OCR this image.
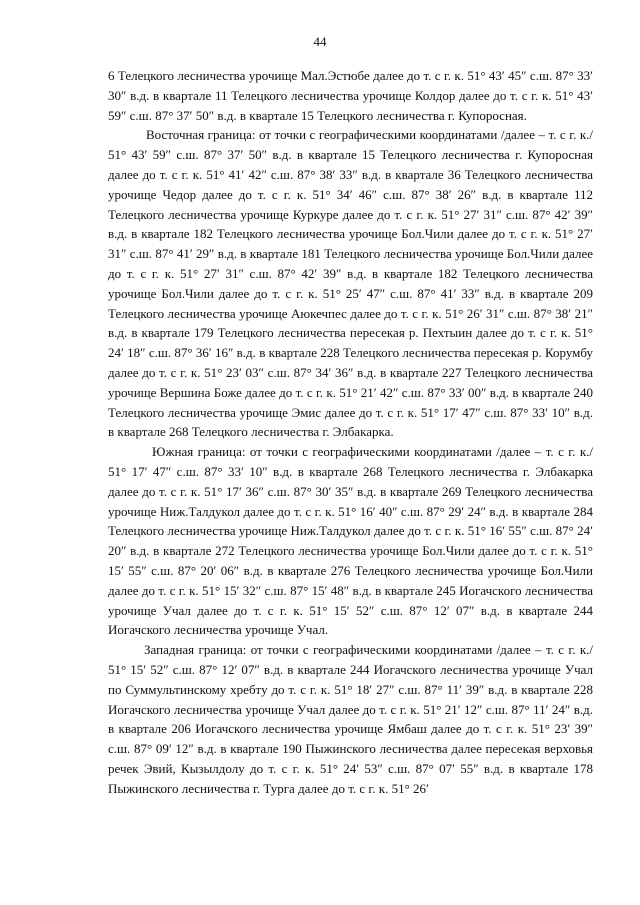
44

6 Телецкого лесничества урочище Мал.Эстюбе далее до т. с г. к. 51° 43′ 45″ с.ш. 87° 33′ 30″ в.д. в квартале 11 Телецкого лесничества урочище Колдор далее до т. с г. к. 51° 43′ 59″ с.ш. 87° 37′ 50″ в.д. в квартале 15 Телецкого лесничества г. Купоросная.

Восточная граница: от точки с географическими координатами /далее – т. с г. к./ 51° 43′ 59″ с.ш. 87° 37′ 50″ в.д. в квартале 15 Телецкого лесничества г. Купоросная далее до т. с г. к. 51° 41′ 42″ с.ш. 87° 38′ 33″ в.д. в квартале 36 Телецкого лесничества урочище Чедор далее до т. с г. к. 51° 34′ 46″ с.ш. 87° 38′ 26″ в.д. в квартале 112 Телецкого лесничества урочище Куркуре далее до т. с г. к. 51° 27′ 31″ с.ш. 87° 42′ 39″ в.д. в квартале 182 Телецкого лесничества урочище Бол.Чили далее до т. с г. к. 51° 27′ 31″ с.ш. 87° 41′ 29″ в.д. в квартале 181 Телецкого лесничества урочище Бол.Чили далее до т. с г. к. 51° 27′ 31″ с.ш. 87° 42′ 39″ в.д. в квартале 182 Телецкого лесничества урочище Бол.Чили далее до т. с г. к. 51° 25′ 47″ с.ш. 87° 41′ 33″ в.д. в квартале 209 Телецкого лесничества урочище Аюкечпес далее до т. с г. к. 51° 26′ 31″ с.ш. 87° 38′ 21″ в.д. в квартале 179 Телецкого лесничества пересекая р. Пехтыин далее до т. с г. к. 51° 24′ 18″ с.ш. 87° 36′ 16″ в.д. в квартале 228 Телецкого лесничества пересекая р. Корумбу далее до т. с г. к. 51° 23′ 03″ с.ш. 87° 34′ 36″ в.д. в квартале 227 Телецкого лесничества урочище Вершина Боже далее до т. с г. к. 51° 21′ 42″ с.ш. 87° 33′ 00″ в.д. в квартале 240 Телецкого лесничества урочище Эмис далее до т. с г. к. 51° 17′ 47″ с.ш. 87° 33′ 10″ в.д. в квартале 268 Телецкого лесничества г. Элбакарка.

Южная граница: от точки с географическими координатами /далее – т. с г. к./ 51° 17′ 47″ с.ш. 87° 33′ 10″ в.д. в квартале 268 Телецкого лесничества г. Элбакарка далее до т. с г. к. 51° 17′ 36″ с.ш. 87° 30′ 35″ в.д. в квартале 269 Телецкого лесничества урочище Ниж.Талдукол далее до т. с г. к. 51° 16′ 40″ с.ш. 87° 29′ 24″ в.д. в квартале 284 Телецкого лесничества урочище Ниж.Талдукол далее до т. с г. к. 51° 16′ 55″ с.ш. 87° 24′ 20″ в.д. в квартале 272 Телецкого лесничества урочище Бол.Чили далее до т. с г. к. 51° 15′ 55″ с.ш. 87° 20′ 06″ в.д. в квартале 276 Телецкого лесничества урочище Бол.Чили далее до т. с г. к. 51° 15′ 32″ с.ш. 87° 15′ 48″ в.д. в квартале 245 Иогачского лесничества урочище Учал далее до т. с г. к. 51° 15′ 52″ с.ш. 87° 12′ 07″ в.д. в квартале 244 Иогачского лесничества урочище Учал.

Западная граница: от точки с географическими координатами /далее – т. с г. к./ 51° 15′ 52″ с.ш. 87° 12′ 07″ в.д. в квартале 244 Иогачского лесничества урочище Учал по Суммультинскому хребту до т. с г. к. 51° 18′ 27″ с.ш. 87° 11′ 39″ в.д. в квартале 228 Иогачского лесничества урочище Учал далее до т. с г. к. 51° 21′ 12″ с.ш. 87° 11′ 24″ в.д. в квартале 206 Иогачского лесничества урочище Ямбаш далее до т. с г. к. 51° 23′ 39″ с.ш. 87° 09′ 12″ в.д. в квартале 190 Пыжинского лесничества далее пересекая верховья речек Эвий, Кызылдолу до т. с г. к. 51° 24′ 53″ с.ш. 87° 07′ 55″ в.д. в квартале 178 Пыжинского лесничества г. Турга далее до т. с г. к. 51° 26′
